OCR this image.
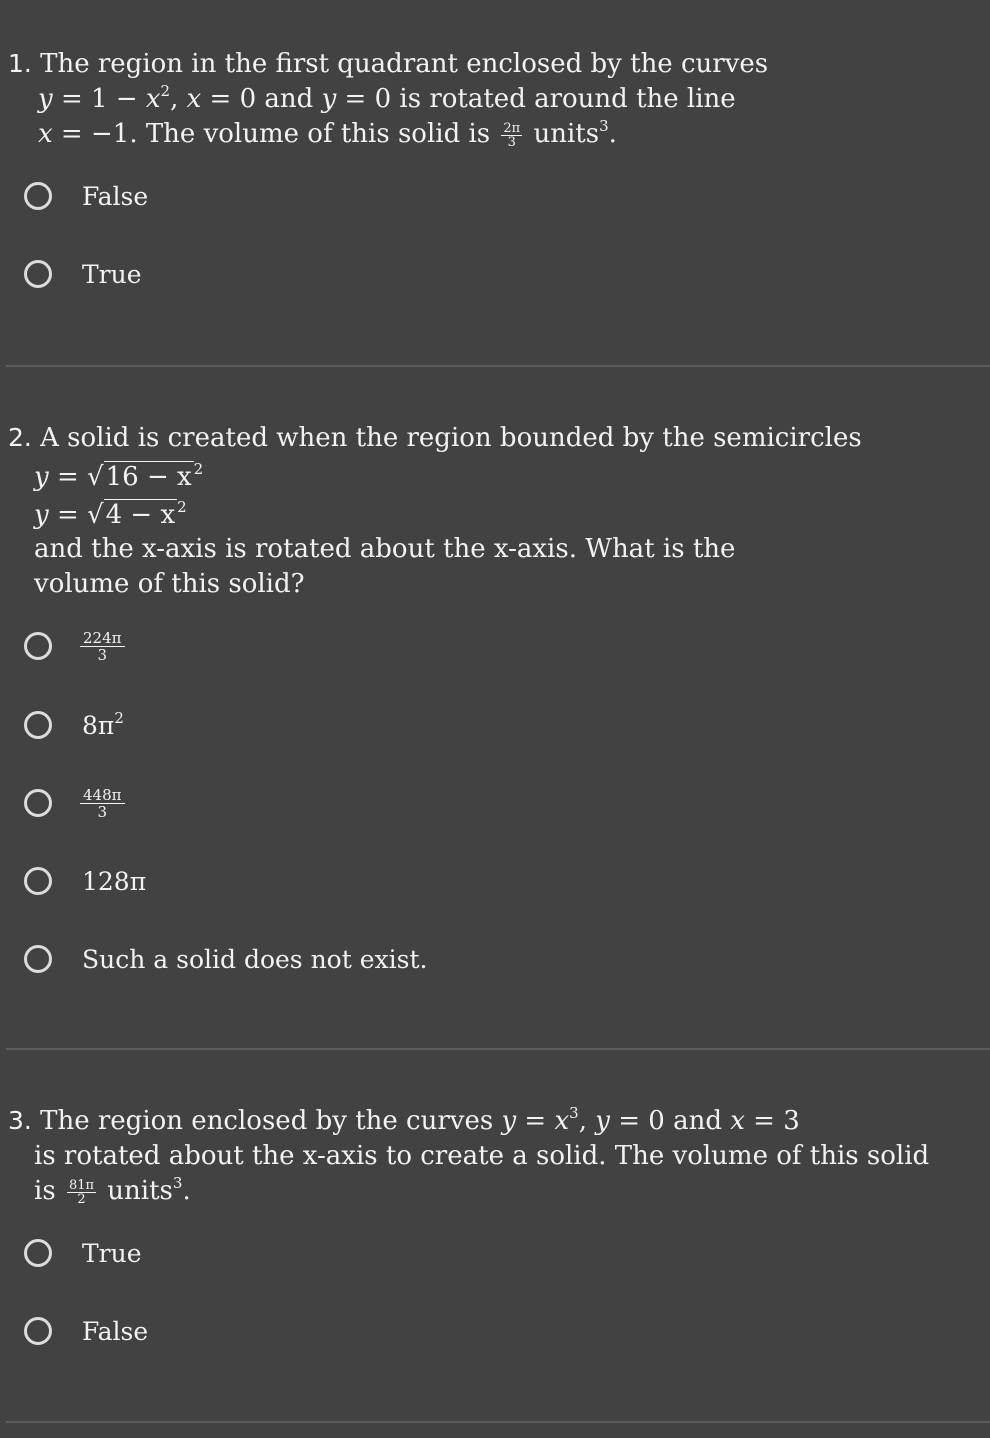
1. The region in the first quadrant enclosed by the curves
$y = 1 - x^2$, x = 0 and y = 0 is rotated around the line
x = −1. The volume of this solid is $\frac{2\pi}{3}$ units$^3$.
False
True
2. A solid is created when the region bounded by the semicircles
y = √16 − x $^2$
y = √4 − x $^2$
and the x-axis is rotated about the x-axis. What is the
volume of this solid?
224π
3
$8\pi^2$
448π
3
128π
Such a solid does not exist.
3. The region enclosed by the curves $y = x^3$, y = 0 and x = 3
is rotated about the x-axis to create a solid. The volume of this solid
is $\frac{81\pi}{2}$ units$^3$.
True
False
